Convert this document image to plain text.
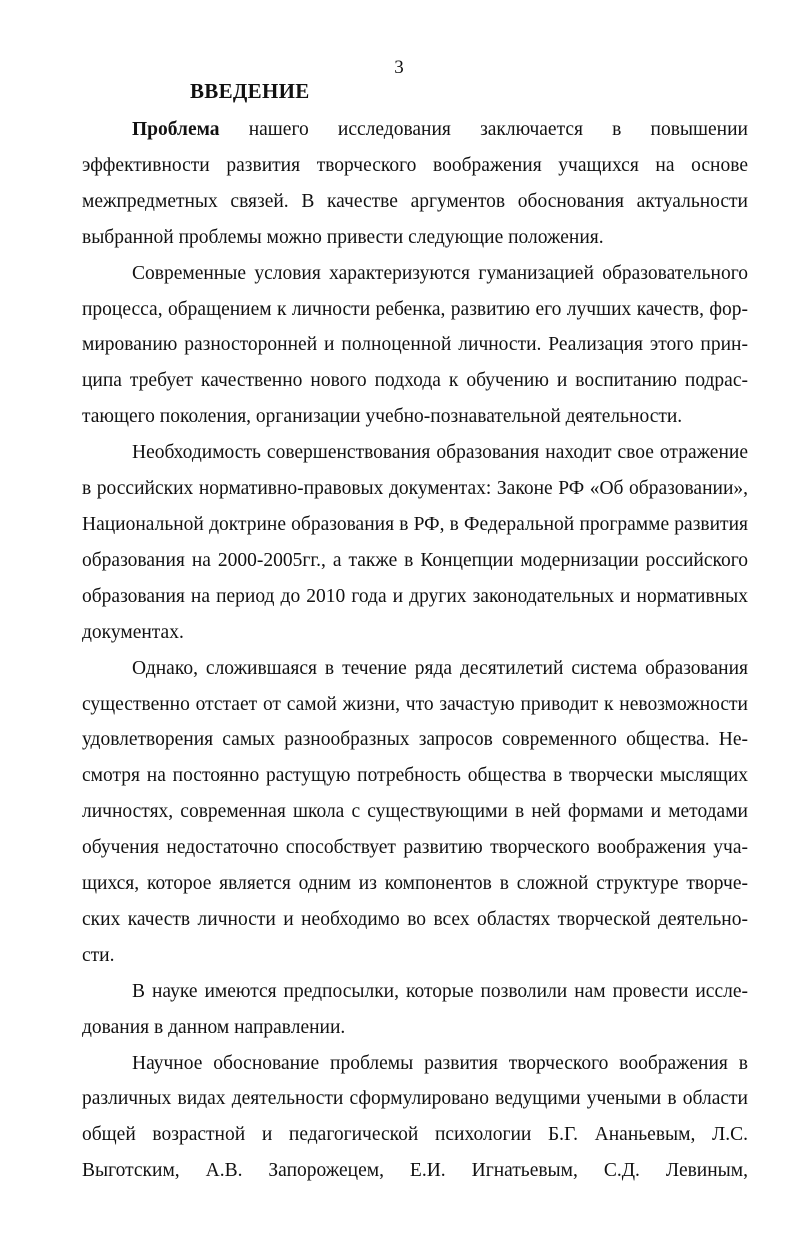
3
ВВЕДЕНИЕ

Проблема нашего исследования заключается в повышении эффективности развития творческого воображения учащихся на основе межпредметных связей. В качестве аргументов обоснования актуальности выбранной проблемы можно привести следующие положения.

Современные условия характеризуются гуманизацией образовательного процесса, обращением к личности ребенка, развитию его лучших качеств, формированию разносторонней и полноценной личности. Реализация этого принципа требует качественно нового подхода к обучению и воспитанию подрастающего поколения, организации учебно-познавательной деятельности.

Необходимость совершенствования образования находит свое отражение в российских нормативно-правовых документах: Законе РФ «Об образовании», Национальной доктрине образования в РФ, в Федеральной программе развития образования на 2000-2005гг., а также в Концепции модернизации российского образования на период до 2010 года и других законодательных и нормативных документах.

Однако, сложившаяся в течение ряда десятилетий система образования существенно отстает от самой жизни, что зачастую приводит к невозможности удовлетворения самых разнообразных запросов современного общества. Несмотря на постоянно растущую потребность общества в творчески мыслящих личностях, современная школа с существующими в ней формами и методами обучения недостаточно способствует развитию творческого воображения учащихся, которое является одним из компонентов в сложной структуре творческих качеств личности и необходимо во всех областях творческой деятельности.

В науке имеются предпосылки, которые позволили нам провести исследования в данном направлении.

Научное обоснование проблемы развития творческого воображения в различных видах деятельности сформулировано ведущими учеными в области общей возрастной и педагогической психологии Б.Г. Ананьевым, Л.С. Выготским, А.В. Запорожецем, Е.И. Игнатьевым, С.Д. Левиным,
